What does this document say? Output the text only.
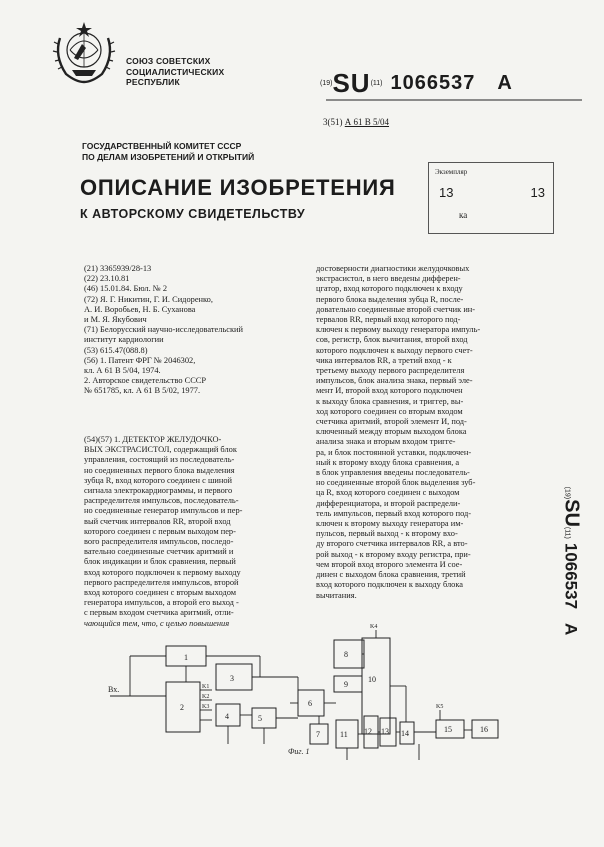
СОЮЗ СОВЕТСКИХ
СОЦИАЛИСТИЧЕСКИХ
РЕСПУБЛИК	(19)SU(11) 1066537 A
3(51) А 61 В 5/04
ГОСУДАРСТВЕННЫЙ КОМИТЕТ СССР
ПО ДЕЛАМ ИЗОБРЕТЕНИЙ И ОТКРЫТИЙ
ОПИСАНИЕ ИЗОБРЕТЕНИЯ
К АВТОРСКОМУ СВИДЕТЕЛЬСТВУ
Экземпляр
13	13
ка
(21) 3365939/28-13
(22) 23.10.81
(46) 15.01.84. Бюл. № 2
(72) Я. Г. Никитин, Г. И. Сидоренко,
А. И. Воробьев, Н. Б. Суханова
и М. Я. Якубович
(71) Белорусский научно-исследовательский
институт кардиологии
(53) 615.47(088.8)
(56) 1. Патент ФРГ № 2046302,
кл. А 61 В 5/04, 1974.
2. Авторское свидетельство СССР
№ 651785, кл. А 61 В 5/02, 1977.
(54)(57) 1. ДЕТЕКТОР ЖЕЛУДОЧКО-
ВЫХ ЭКСТРАСИСТОЛ, содержащий блок
управления, состоящий из последователь-
но соединенных первого блока выделения
зубца R, вход которого соединен с шиной
сигнала электрокардиограммы, и первого
распределителя импульсов, последователь-
но соединенные генератор импульсов и пер-
вый счетчик интервалов RR, второй вход
которого соединен с первым выходом пер-
вого распределителя импульсов, последо-
вательно соединенные счетчик аритмий и
блок индикации и блок сравнения, первый
вход которого подключен к первому выходу
первого распределителя импульсов, второй
вход которого соединен с вторым выходом
генератора импульсов, а второй его выход -
с первым входом счетчика аритмий, отли-
чающийся тем, что, с целью повышения
достоверности диагностики желудочковых
экстрасистол, в него введены дифферен-
цгатор, вход которого подключен к входу
первого блока выделения зубца R, после-
довательно соединенные второй счетчик ин-
тервалов RR, первый вход которого под-
ключен к первому выходу генератора импуль-
сов, регистр, блок вычитания, второй вход
которого подключен к выходу первого счет-
чика интервалов RR, а третий вход - к
третьему выходу первого распределителя
импульсов, блок анализа знака, первый эле-
мент И, второй вход которого подключен
к выходу блока сравнения, и триггер, вы-
ход которого соединен со вторым входом
счетчика аритмий, второй элемент И, под-
ключенный между вторым выходом блока
анализа знака и вторым входом тригге-
ра, и блок постоянной уставки, подключен-
ный к второму входу блока сравнения, а
в блок управления введены последователь-
но соединенные второй блок выделения зуб-
ца R, вход которого соединен с выходом
дифференциатора, и второй распредели-
тель импульсов, первый вход которого под-
ключен к второму выходу генератора им-
пульсов, первый выход - к второму вхо-
ду второго счетчика интервалов RR, а вто-
рой выход - к второму входу регистра, при-
чем второй вход второго элемента И сое-
динен с выходом блока сравнения, третий
вход которого подключен к выходу блока
вычитания.
(19)SU(11)1066537A
1
2
3
4	5
6
7
8
9
10
11 12 13 14	15	16
Вх.	K1
K2
K3
K4
K5
Фиг. 1
